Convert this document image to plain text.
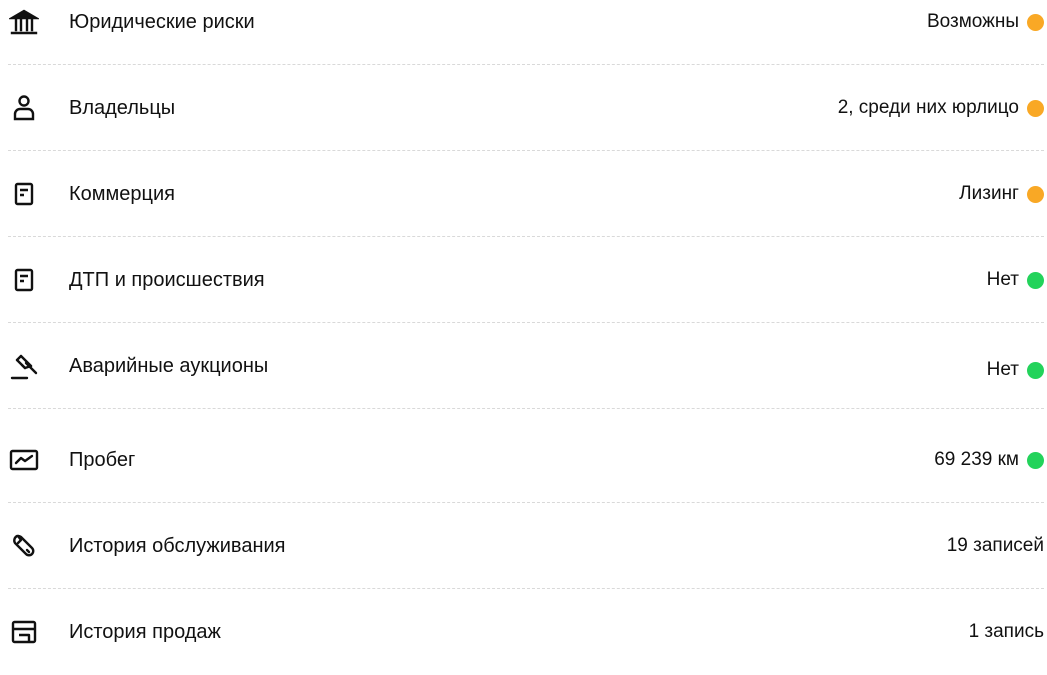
Юридические риски	Возможны
Владельцы	2, среди них юрлицо
Коммерция	Лизинг
ДТП и происшествия	Нет
Аварийные аукционы	Нет
Пробег	69 239 км
История обслуживания	19 записей
История продаж	1 запись
